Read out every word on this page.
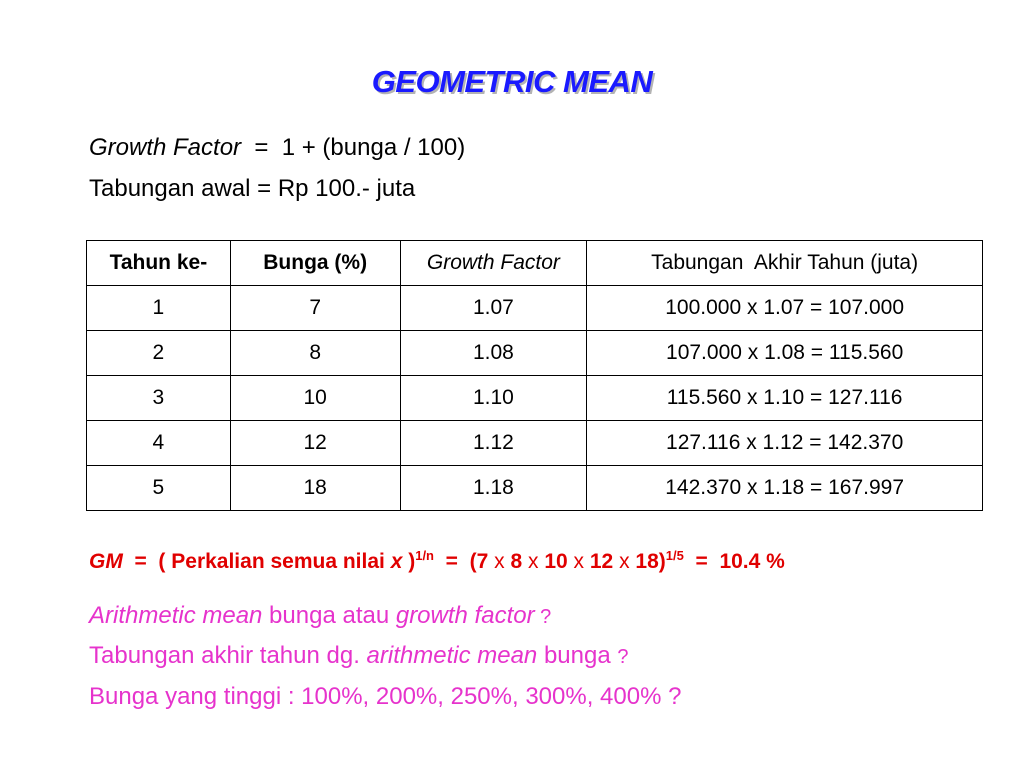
GEOMETRIC MEAN
Growth Factor  =  1 + (bunga / 100)
Tabungan awal = Rp 100.- juta
Tahun ke-	Bunga (%)	Growth Factor	Tabungan  Akhir Tahun (juta)
1	7	1.07	100.000 x 1.07 = 107.000
2	8	1.08	107.000 x 1.08 = 115.560
3	10	1.10	115.560 x 1.10 = 127.116
4	12	1.12	127.116 x 1.12 = 142.370
5	18	1.18	142.370 x 1.18 = 167.997
GM  =  ( Perkalian semua nilai x )$^{1/n}$  =  (7 x 8 x 10 x 12 x 18)$^{1/5}$  =  10.4 %
Arithmetic mean bunga atau growth factor ?
Tabungan akhir tahun dg. arithmetic mean bunga ?
Bunga yang tinggi : 100%, 200%, 250%, 300%, 400% ?
